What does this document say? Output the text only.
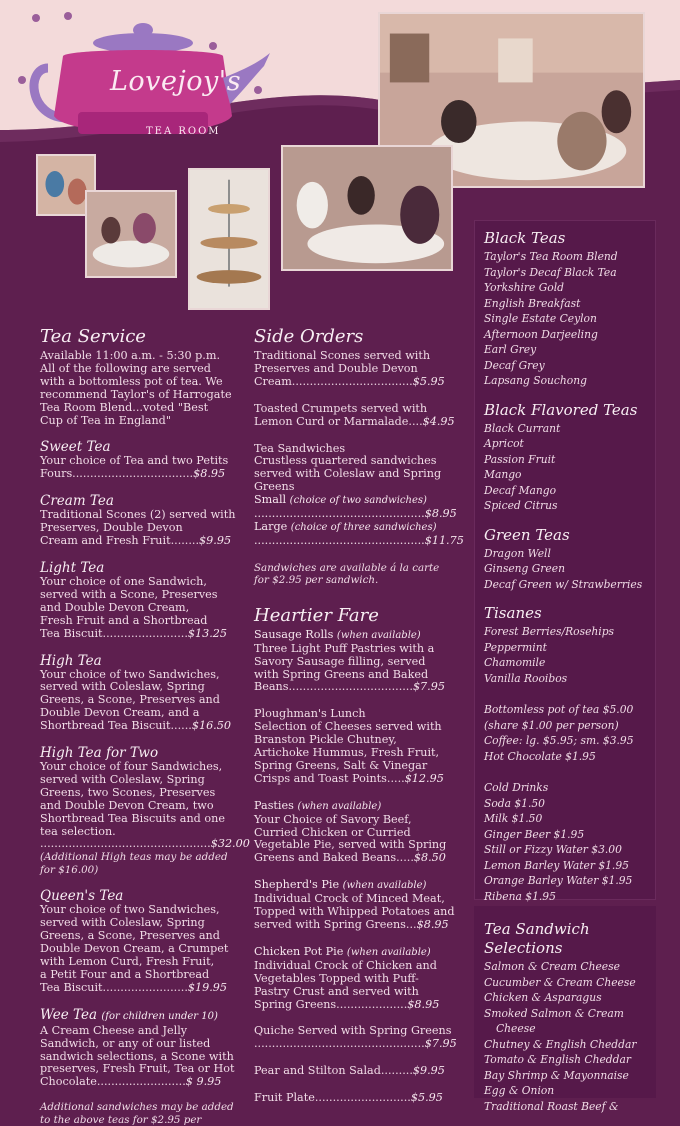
Lovejoy's
TEA ROOM
Tea Service
Available 11:00 a.m. - 5:30 p.m.
All of the following are served
with a bottomless pot of tea. We
recommend Taylor's of Harrogate
Tea Room Blend...voted "Best
Cup of Tea in England"
Sweet Tea
Your choice of Tea and two Petits
Fours..................................$8.95
Cream Tea
Traditional Scones (2) served with
Preserves, Double Devon
Cream and Fresh Fruit........$9.95
Light Tea
Your choice of one Sandwich,
served with a Scone, Preserves
and Double Devon Cream,
Fresh Fruit and a Shortbread
Tea Biscuit........................$13.25
High Tea
Your choice of two Sandwiches,
served with Coleslaw, Spring
Greens, a Scone, Preserves and
Double Devon Cream, and a
Shortbread Tea Biscuit......$16.50
High Tea for Two
Your choice of four Sandwiches,
served with Coleslaw, Spring
Greens, two Scones, Preserves
and Double Devon Cream, two
Shortbread Tea Biscuits and one
tea selection.
................................................$32.00
(Additional High teas may be added
for $16.00)
Queen's Tea
Your choice of two Sandwiches,
served with Coleslaw, Spring
Greens, a Scone, Preserves and
Double Devon Cream, a Crumpet
with Lemon Curd, Fresh Fruit,
a Petit Four and a Shortbread
Tea Biscuit........................$19.95
Wee Tea (for children under 10)
A Cream Cheese and Jelly
Sandwich, or any of our listed
sandwich selections, a Scone with
preserves, Fresh Fruit, Tea or Hot
Chocolate.........................$ 9.95
Additional sandwiches may be added
to the above teas for $2.95 per
Side Orders
Traditional Scones served with
Preserves and Double Devon
Cream..................................$5.95
Toasted Crumpets served with
Lemon Curd or Marmalade....$4.95
Tea Sandwiches
Crustless quartered sandwiches
served with Coleslaw and Spring
Greens
Small (choice of two sandwiches)
................................................$8.95
Large (choice of three sandwiches)
................................................$11.75
Sandwiches are available á la carte
for $2.95 per sandwich.
Heartier Fare
Sausage Rolls (when available)
Three Light Puff Pastries with a
Savory Sausage filling, served
with Spring Greens and Baked
Beans...................................$7.95
Ploughman's Lunch
Selection of Cheeses served with
Branston Pickle Chutney,
Artichoke Hummus, Fresh Fruit,
Spring Greens, Salt & Vinegar
Crisps and Toast Points.....$12.95
Pasties (when available)
Your Choice of Savory Beef,
Curried Chicken or Curried
Vegetable Pie, served with Spring
Greens and Baked Beans.....$8.50
Shepherd's Pie (when available)
Individual Crock of Minced Meat,
Topped with Whipped Potatoes and
served with Spring Greens...$8.95
Chicken Pot Pie (when available)
Individual Crock of Chicken and
Vegetables Topped with Puff-
Pastry Crust and served with
Spring Greens....................$8.95
Quiche Served with Spring Greens
................................................$7.95
Pear and Stilton Salad.........$9.95
Fruit Plate...........................$5.95
Black Teas
Taylor's Tea Room Blend
Taylor's Decaf Black Tea
Yorkshire Gold
English Breakfast
Single Estate Ceylon
Afternoon Darjeeling
Earl Grey
Decaf Grey
Lapsang Souchong
Black Flavored Teas
Black Currant
Apricot
Passion Fruit
Mango
Decaf Mango
Spiced Citrus
Green Teas
Dragon Well
Ginseng Green
Decaf Green w/ Strawberries
Tisanes
Forest Berries/Rosehips
Peppermint
Chamomile
Vanilla Rooibos
Bottomless pot of tea $5.00
(share $1.00 per person)
Coffee: lg. $5.95; sm. $3.95
Hot Chocolate $1.95
Cold Drinks
Soda $1.50
Milk $1.50
Ginger Beer $1.95
Still or Fizzy Water $3.00
Lemon Barley Water $1.95
Orange Barley Water $1.95
Ribena $1.95
Tea Sandwich Selections
Salmon & Cream Cheese
Cucumber & Cream Cheese
Chicken & Asparagus
Smoked Salmon & Cream
Cheese
Chutney & English Cheddar
Tomato & English Cheddar
Bay Shrimp & Mayonnaise
Egg & Onion
Traditional Roast Beef &
